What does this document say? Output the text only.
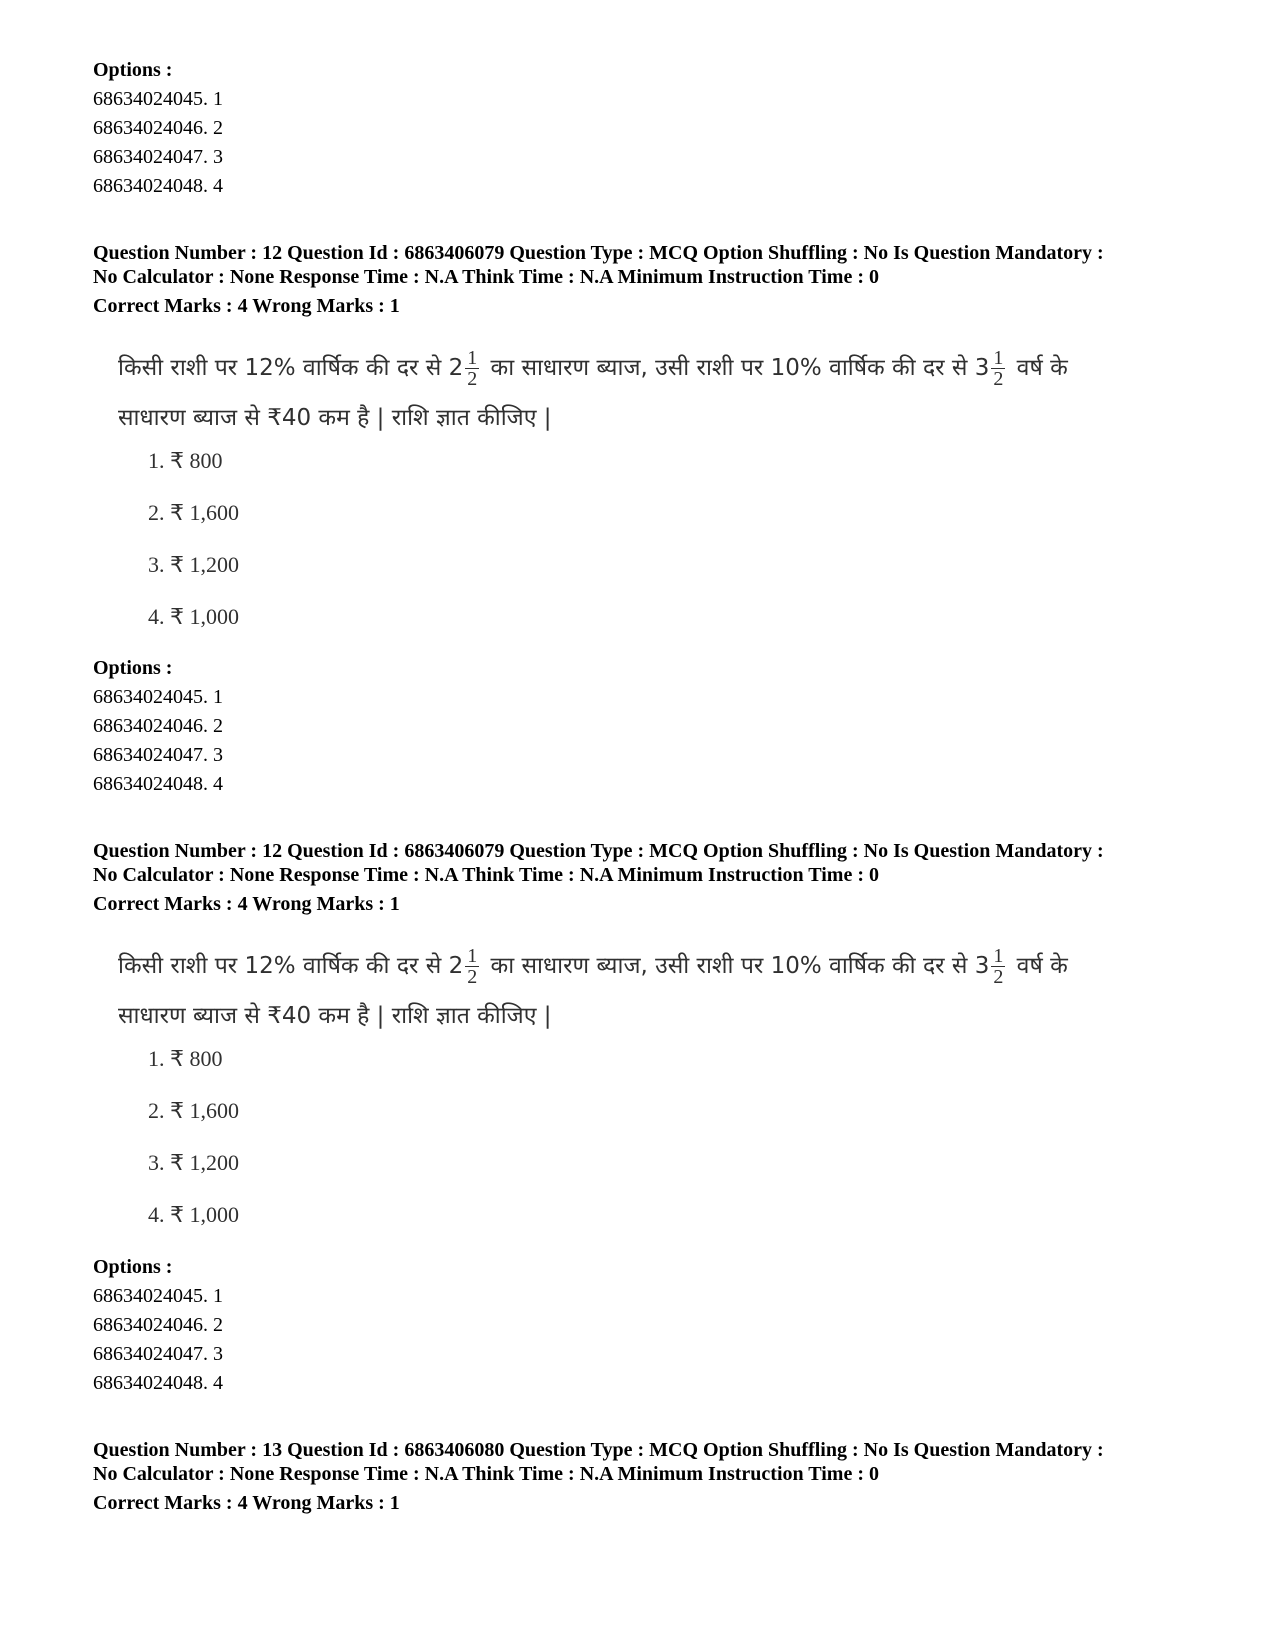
Options :
68634024045. 1
68634024046. 2
68634024047. 3
68634024048. 4
Question Number : 12 Question Id : 6863406079 Question Type : MCQ Option Shuffling : No Is Question Mandatory :
No Calculator : None Response Time : N.A Think Time : N.A Minimum Instruction Time : 0
Correct Marks : 4 Wrong Marks : 1
किसी राशी पर 12% वार्षिक की दर से $2 \frac{1}{2}$ का साधारण ब्याज, उसी राशी पर 10% वार्षिक की दर से $3 \frac{1}{2}$ वर्ष के
साधारण ब्याज से ₹40 कम है | राशि ज्ञात कीजिए |
1. ₹ 800
2. ₹ 1,600
3. ₹ 1,200
4. ₹ 1,000
Options :
68634024045. 1
68634024046. 2
68634024047. 3
68634024048. 4
Question Number : 12 Question Id : 6863406079 Question Type : MCQ Option Shuffling : No Is Question Mandatory :
No Calculator : None Response Time : N.A Think Time : N.A Minimum Instruction Time : 0
Correct Marks : 4 Wrong Marks : 1
किसी राशी पर 12% वार्षिक की दर से $2 \frac{1}{2}$ का साधारण ब्याज, उसी राशी पर 10% वार्षिक की दर से $3 \frac{1}{2}$ वर्ष के
साधारण ब्याज से ₹40 कम है | राशि ज्ञात कीजिए |
1. ₹ 800
2. ₹ 1,600
3. ₹ 1,200
4. ₹ 1,000
Options :
68634024045. 1
68634024046. 2
68634024047. 3
68634024048. 4
Question Number : 13 Question Id : 6863406080 Question Type : MCQ Option Shuffling : No Is Question Mandatory :
No Calculator : None Response Time : N.A Think Time : N.A Minimum Instruction Time : 0
Correct Marks : 4 Wrong Marks : 1
